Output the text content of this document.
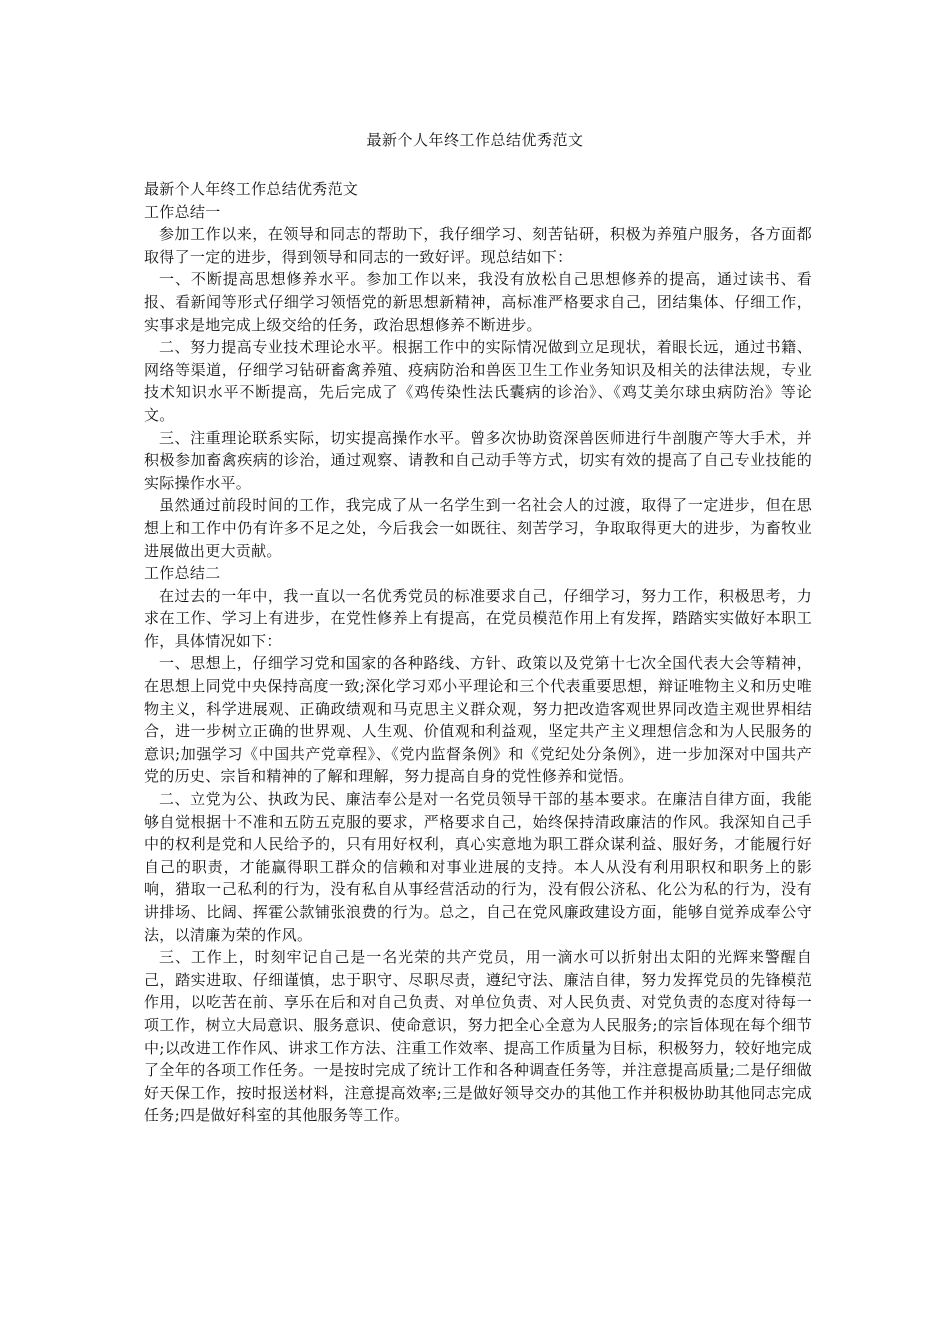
最新个人年终工作总结优秀范文

最新个人年终工作总结优秀范文

工作总结一

参加工作以来，在领导和同志的帮助下，我仔细学习、刻苦钻研，积极为养殖户服务，各方面都取得了一定的进步，得到领导和同志的一致好评。现总结如下：

一、不断提高思想修养水平。参加工作以来，我没有放松自己思想修养的提高，通过读书、看报、看新闻等形式仔细学习领悟党的新思想新精神，高标准严格要求自己，团结集体、仔细工作，实事求是地完成上级交给的任务，政治思想修养不断进步。

二、努力提高专业技术理论水平。根据工作中的实际情况做到立足现状，着眼长远，通过书籍、网络等渠道，仔细学习钻研畜禽养殖、疫病防治和兽医卫生工作业务知识及相关的法律法规，专业技术知识水平不断提高，先后完成了《鸡传染性法氏囊病的诊治》、《鸡艾美尔球虫病防治》等论文。

三、注重理论联系实际，切实提高操作水平。曾多次协助资深兽医师进行牛剖腹产等大手术，并积极参加畜禽疾病的诊治，通过观察、请教和自己动手等方式，切实有效的提高了自己专业技能的实际操作水平。

虽然通过前段时间的工作，我完成了从一名学生到一名社会人的过渡，取得了一定进步，但在思想上和工作中仍有许多不足之处，今后我会一如既往、刻苦学习，争取取得更大的进步，为畜牧业进展做出更大贡献。

工作总结二

在过去的一年中，我一直以一名优秀党员的标准要求自己，仔细学习，努力工作，积极思考，力求在工作、学习上有进步，在党性修养上有提高，在党员模范作用上有发挥，踏踏实实做好本职工作，具体情况如下：

一、思想上，仔细学习党和国家的各种路线、方针、政策以及党第十七次全国代表大会等精神，在思想上同党中央保持高度一致;深化学习邓小平理论和三个代表重要思想，辩证唯物主义和历史唯物主义，科学进展观、正确政绩观和马克思主义群众观，努力把改造客观世界同改造主观世界相结合，进一步树立正确的世界观、人生观、价值观和利益观，坚定共产主义理想信念和为人民服务的意识;加强学习《中国共产党章程》、《党内监督条例》和《党纪处分条例》，进一步加深对中国共产党的历史、宗旨和精神的了解和理解，努力提高自身的党性修养和觉悟。

二、立党为公、执政为民、廉洁奉公是对一名党员领导干部的基本要求。在廉洁自律方面，我能够自觉根据十不准和五防五克服的要求，严格要求自己，始终保持清政廉洁的作风。我深知自己手中的权利是党和人民给予的，只有用好权利，真心实意地为职工群众谋利益、服好务，才能履行好自己的职责，才能赢得职工群众的信赖和对事业进展的支持。本人从没有利用职权和职务上的影响，猎取一己私利的行为，没有私自从事经营活动的行为，没有假公济私、化公为私的行为，没有讲排场、比阔、挥霍公款铺张浪费的行为。总之，自己在党风廉政建设方面，能够自觉养成奉公守法，以清廉为荣的作风。

三、工作上，时刻牢记自己是一名光荣的共产党员，用一滴水可以折射出太阳的光辉来警醒自己，踏实进取、仔细谨慎，忠于职守、尽职尽责，遵纪守法、廉洁自律，努力发挥党员的先锋模范作用，以吃苦在前、享乐在后和对自己负责、对单位负责、对人民负责、对党负责的态度对待每一项工作，树立大局意识、服务意识、使命意识，努力把全心全意为人民服务;的宗旨体现在每个细节中;以改进工作作风、讲求工作方法、注重工作效率、提高工作质量为目标，积极努力，较好地完成了全年的各项工作任务。一是按时完成了统计工作和各种调查任务等，并注意提高质量;二是仔细做好天保工作，按时报送材料，注意提高效率;三是做好领导交办的其他工作并积极协助其他同志完成任务;四是做好科室的其他服务等工作。
